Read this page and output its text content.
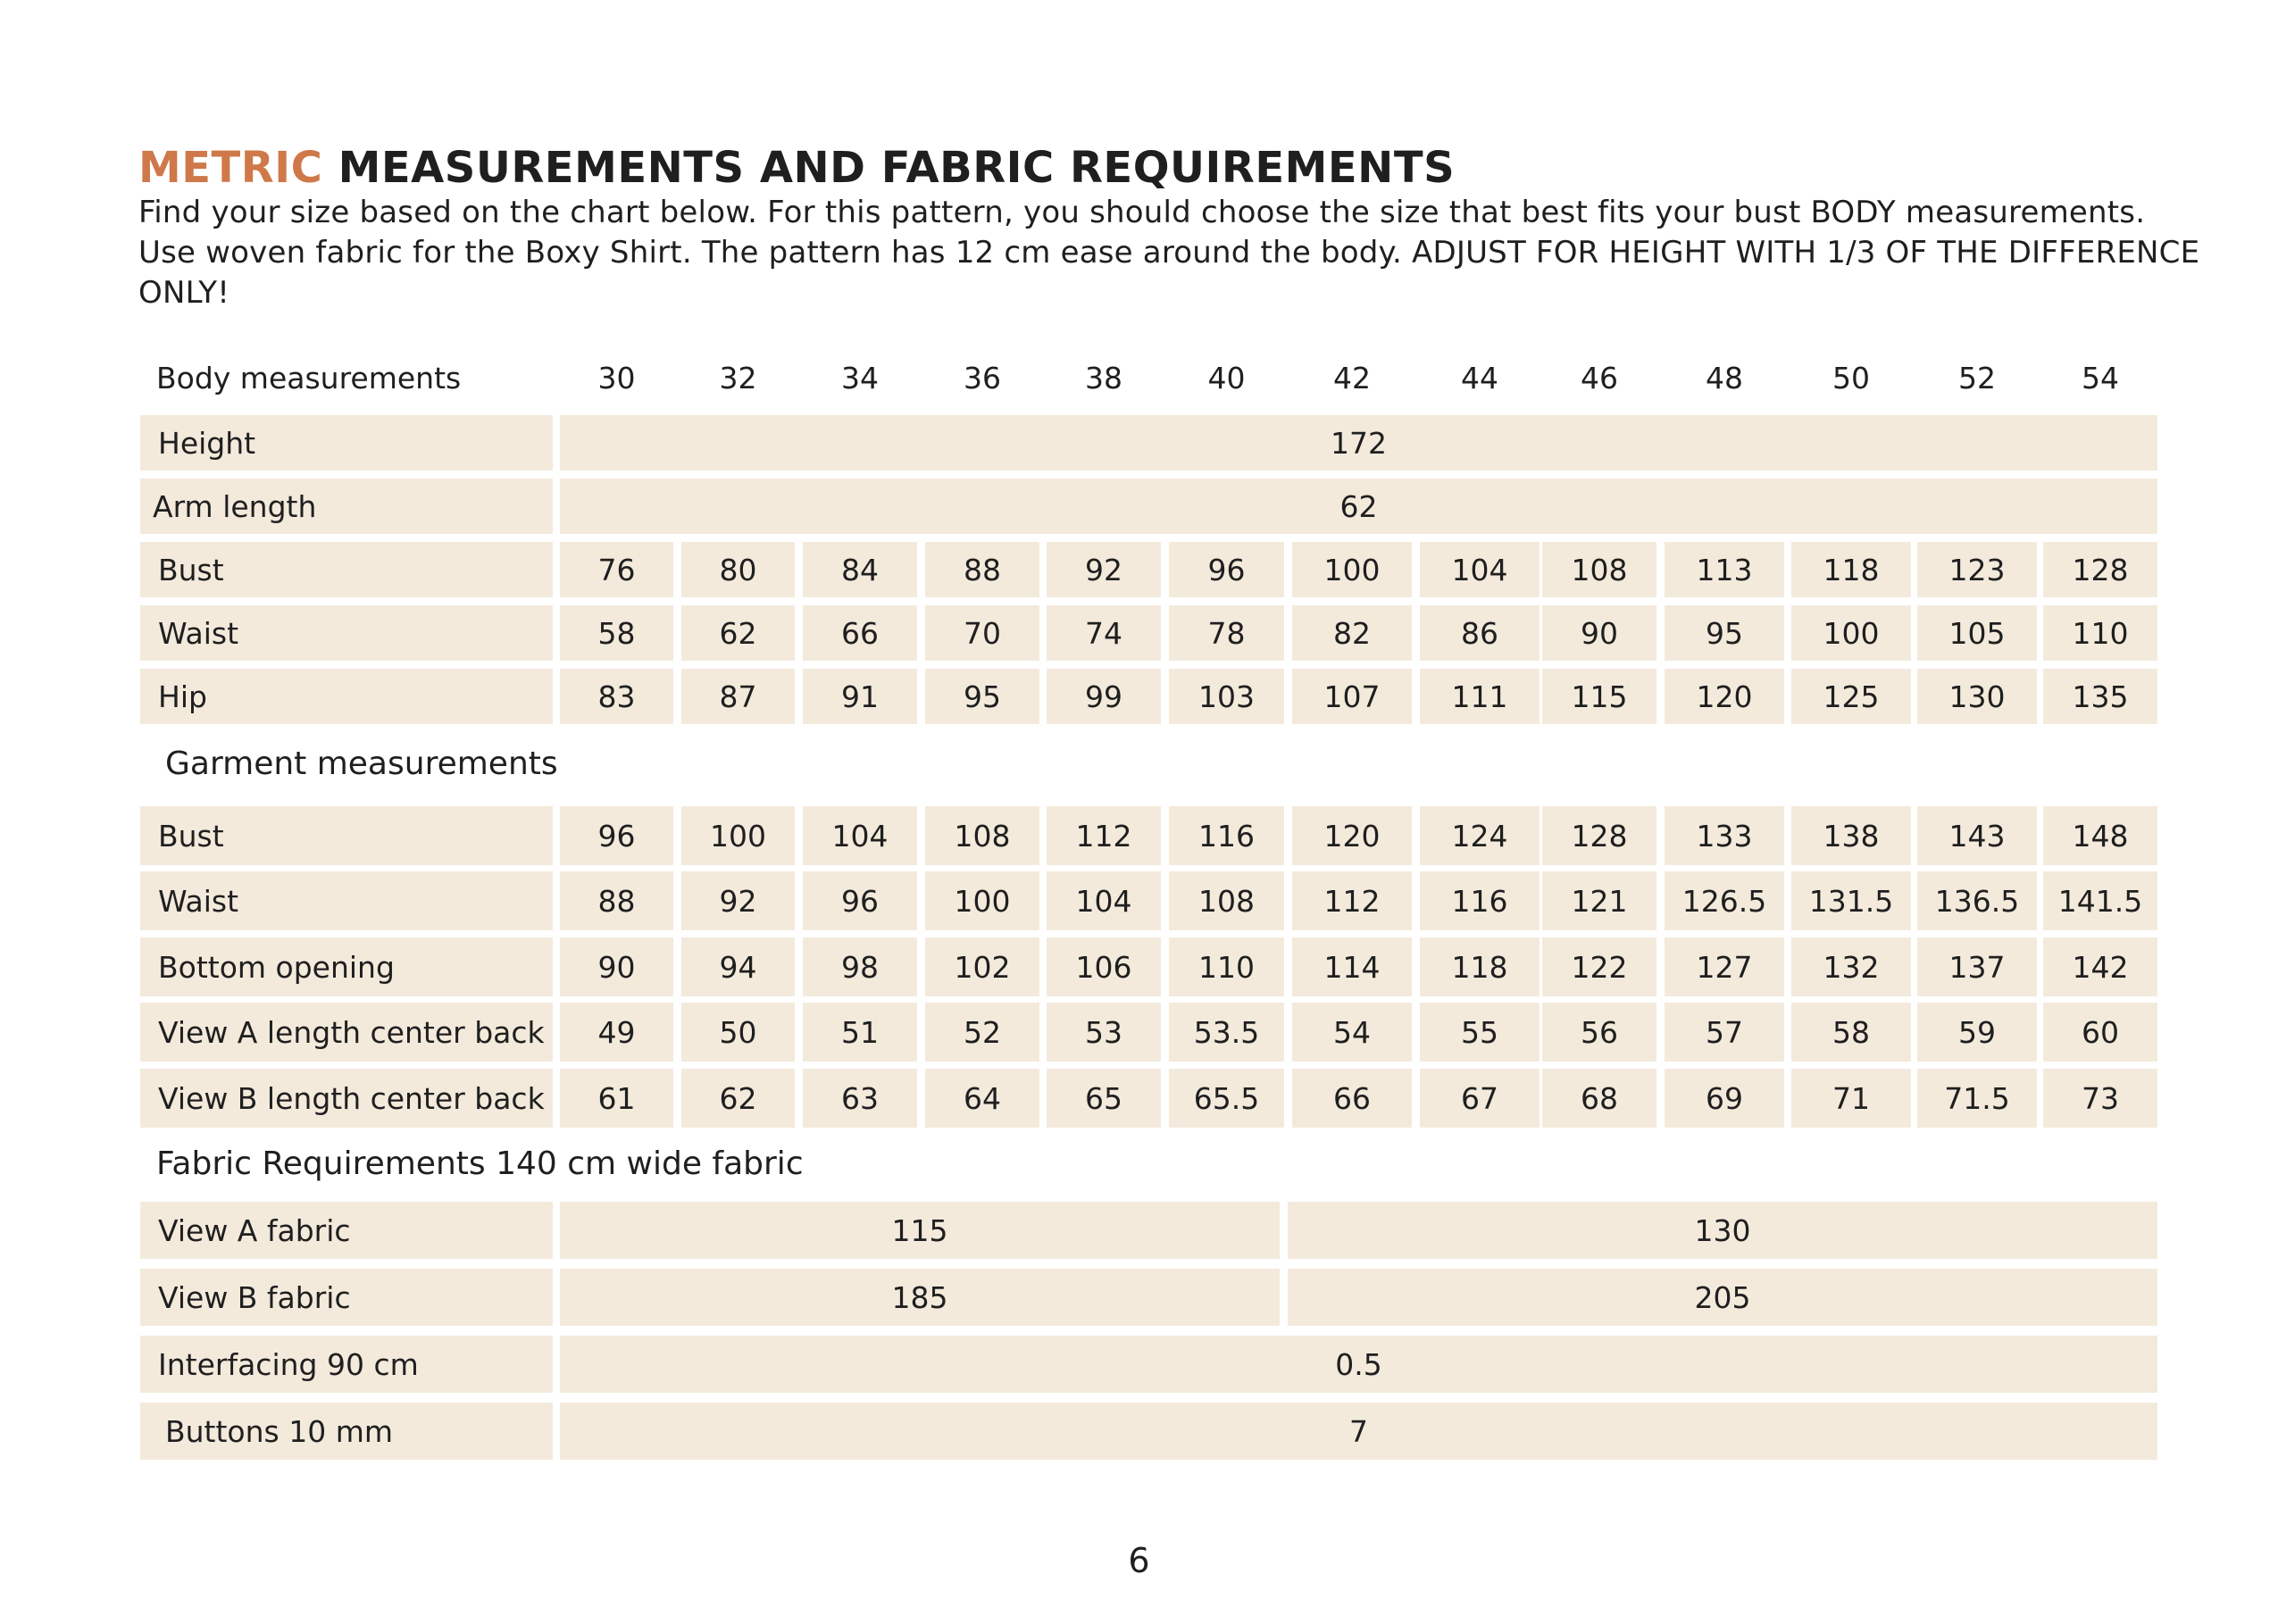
METRIC MEASUREMENTS AND FABRIC REQUIREMENTS
Find your size based on the chart below. For this pattern, you should choose the size that best fits your bust BODY measurements.
Use woven fabric for the Boxy Shirt. The pattern has 12 cm ease around the body. ADJUST FOR HEIGHT WITH 1/3 OF THE DIFFERENCE
ONLY!
Body measurements	30	32	34	36	38	40	42	44	46	48	50	52	54
Height	172
Arm length	62
Bust	76	80	84	88	92	96	100	104	108	113	118	123	128
Waist	58	62	66	70	74	78	82	86	90	95	100	105	110
Hip	83	87	91	95	99	103	107	111	115	120	125	130	135
Garment measurements
Bust	96	100	104	108	112	116	120	124	128	133	138	143	148
Waist	88	92	96	100	104	108	112	116	121	126.5	131.5	136.5	141.5
Bottom opening	90	94	98	102	106	110	114	118	122	127	132	137	142
View A length center back	49	50	51	52	53	53.5	54	55	56	57	58	59	60
View B length center back	61	62	63	64	65	65.5	66	67	68	69	71	71.5	73
Fabric Requirements 140 cm wide fabric
View A fabric	115	130
View B fabric	185	205
Interfacing 90 cm	0.5
Buttons 10 mm	7
6
